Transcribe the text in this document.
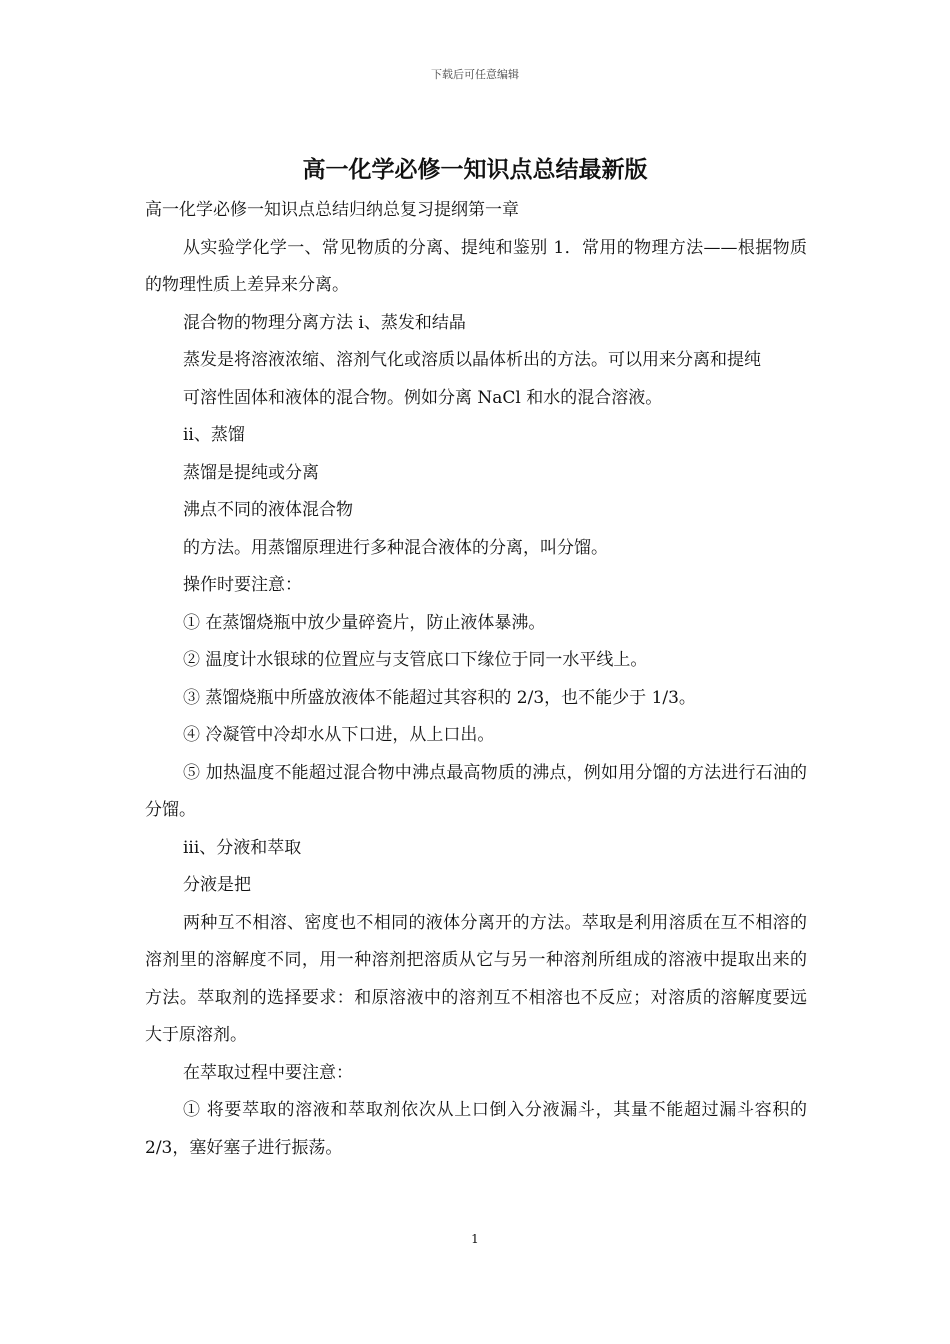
下载后可任意编辑
高一化学必修一知识点总结最新版

高一化学必修一知识点总结归纳总复习提纲第一章

从实验学化学一、常见物质的分离、提纯和鉴别 1．常用的物理方法——根据物质的物理性质上差异来分离。

混合物的物理分离方法 i、蒸发和结晶

蒸发是将溶液浓缩、溶剂气化或溶质以晶体析出的方法。可以用来分离和提纯

可溶性固体和液体的混合物。例如分离 NaCl 和水的混合溶液。

ii、蒸馏

蒸馏是提纯或分离

沸点不同的液体混合物

的方法。用蒸馏原理进行多种混合液体的分离，叫分馏。

操作时要注意：

① 在蒸馏烧瓶中放少量碎瓷片，防止液体暴沸。

② 温度计水银球的位置应与支管底口下缘位于同一水平线上。

③ 蒸馏烧瓶中所盛放液体不能超过其容积的 2/3，也不能少于 1/3。

④ 冷凝管中冷却水从下口进，从上口出。

⑤ 加热温度不能超过混合物中沸点最高物质的沸点，例如用分馏的方法进行石油的分馏。

iii、分液和萃取

分液是把

两种互不相溶、密度也不相同的液体分离开的方法。萃取是利用溶质在互不相溶的溶剂里的溶解度不同，用一种溶剂把溶质从它与另一种溶剂所组成的溶液中提取出来的方法。萃取剂的选择要求：和原溶液中的溶剂互不相溶也不反应；对溶质的溶解度要远大于原溶剂。

在萃取过程中要注意：

① 将要萃取的溶液和萃取剂依次从上口倒入分液漏斗，其量不能超过漏斗容积的 2/3，塞好塞子进行振荡。

1
